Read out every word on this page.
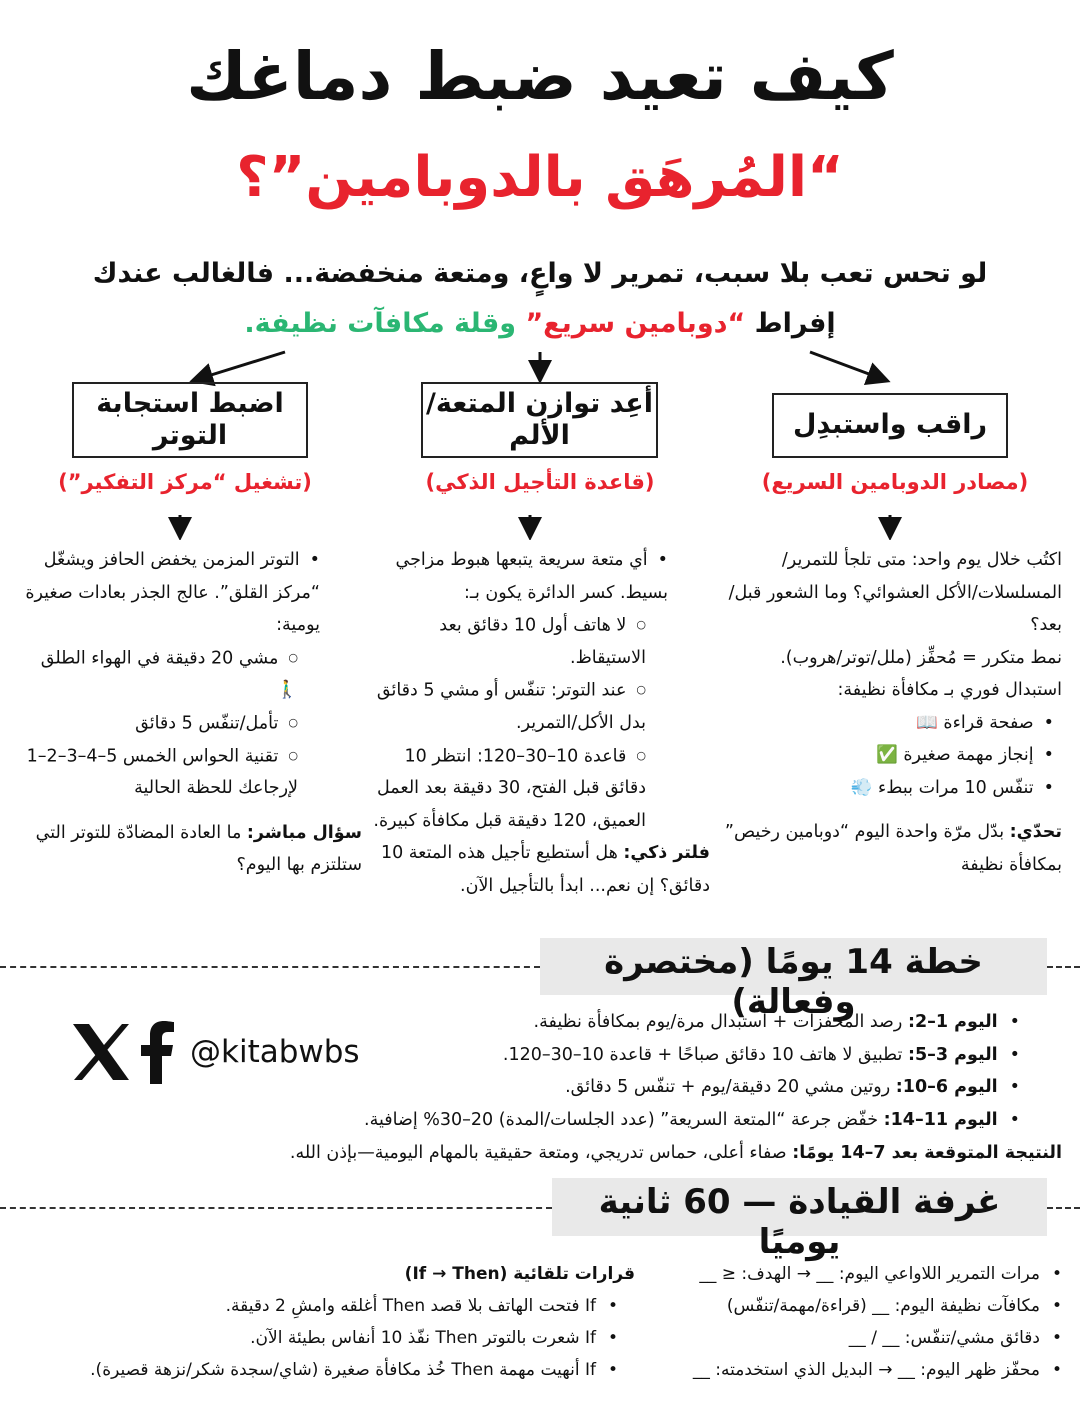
كيف تعيد ضبط دماغك
“المُرهَق بالدوبامين”؟
لو تحس تعب بلا سبب، تمرير لا واعٍ، ومتعة منخفضة... فالغالب عندك
إفراط “دوبامين سريع” وقلة مكافآت نظيفة.
راقب واستبدِل
أعِد توازن المتعة/الألم
اضبط استجابة التوتر
(مصادر الدوبامين السريع)
(قاعدة التأجيل الذكي)
(تشغيل “مركز التفكير”)
اكتُب خلال يوم واحد: متى تلجأ للتمرير/المسلسلات/الأكل العشوائي؟ وما الشعور قبل/بعد؟
نمط متكرر = مُحفِّز (ملل/توتر/هروب).
استبدال فوري بـ مكافأة نظيفة:
• صفحة قراءة 📖
• إنجاز مهمة صغيرة ✅
• تنفّس 10 مرات ببطء 💨
تحدّي: بدّل مرّة واحدة اليوم “دوبامين رخيص” بمكافأة نظيفة
• أي متعة سريعة يتبعها هبوط مزاجي بسيط. كسر الدائرة يكون بـ:
○ لا هاتف أول 10 دقائق بعد الاستيقاظ.
○ عند التوتر: تنفّس أو مشي 5 دقائق بدل الأكل/التمرير.
○ قاعدة 10–30–120: انتظر 10 دقائق قبل الفتح، 30 دقيقة بعد العمل العميق، 120 دقيقة قبل مكافأة كبيرة.
فلتر ذكي: هل أستطيع تأجيل هذه المتعة 10 دقائق؟ إن نعم... ابدأ بالتأجيل الآن.
• التوتر المزمن يخفض الحافز ويشغّل “مركز القلق”. عالج الجذر بعادات صغيرة يومية:
○ مشي 20 دقيقة في الهواء الطلق 🚶‍♂️
○ تأمل/تنفّس 5 دقائق
○ تقنية الحواس الخمس 5–4–3–2–1 لإرجاعك للحظة الحالية
سؤال مباشر: ما العادة المضادّة للتوتر التي ستلتزم بها اليوم؟
خطة 14 يومًا (مختصرة وفعالة)
@kitabwbs
• اليوم 1–2: رصد المحفزات + استبدال مرة/يوم بمكافأة نظيفة.
• اليوم 3–5: تطبيق لا هاتف 10 دقائق صباحًا + قاعدة 10–30–120.
• اليوم 6–10: روتين مشي 20 دقيقة/يوم + تنفّس 5 دقائق.
• اليوم 11–14: خفّض جرعة “المتعة السريعة” (عدد الجلسات/المدة) 20–30% إضافية.
النتيجة المتوقعة بعد 7–14 يومًا: صفاء أعلى، حماس تدريجي، ومتعة حقيقية بالمهام اليومية—بإذن الله.
غرفة القيادة — 60 ثانية يوميًا
• مرات التمرير اللاواعي اليوم: __ → الهدف: ≤ __
• مكافآت نظيفة اليوم: __ (قراءة/مهمة/تنفّس)
• دقائق مشي/تنفّس: __ / __
• محفّز ظهر اليوم: __ → البديل الذي استخدمته: __
قرارات تلقائية (If → Then)
• If فتحت الهاتف بلا قصد Then أغلقه وامشِ 2 دقيقة.
• If شعرت بالتوتر Then نفّذ 10 أنفاس بطيئة الآن.
• If أنهيت مهمة Then خُذ مكافأة صغيرة (شاي/سجدة شكر/نزهة قصيرة).
